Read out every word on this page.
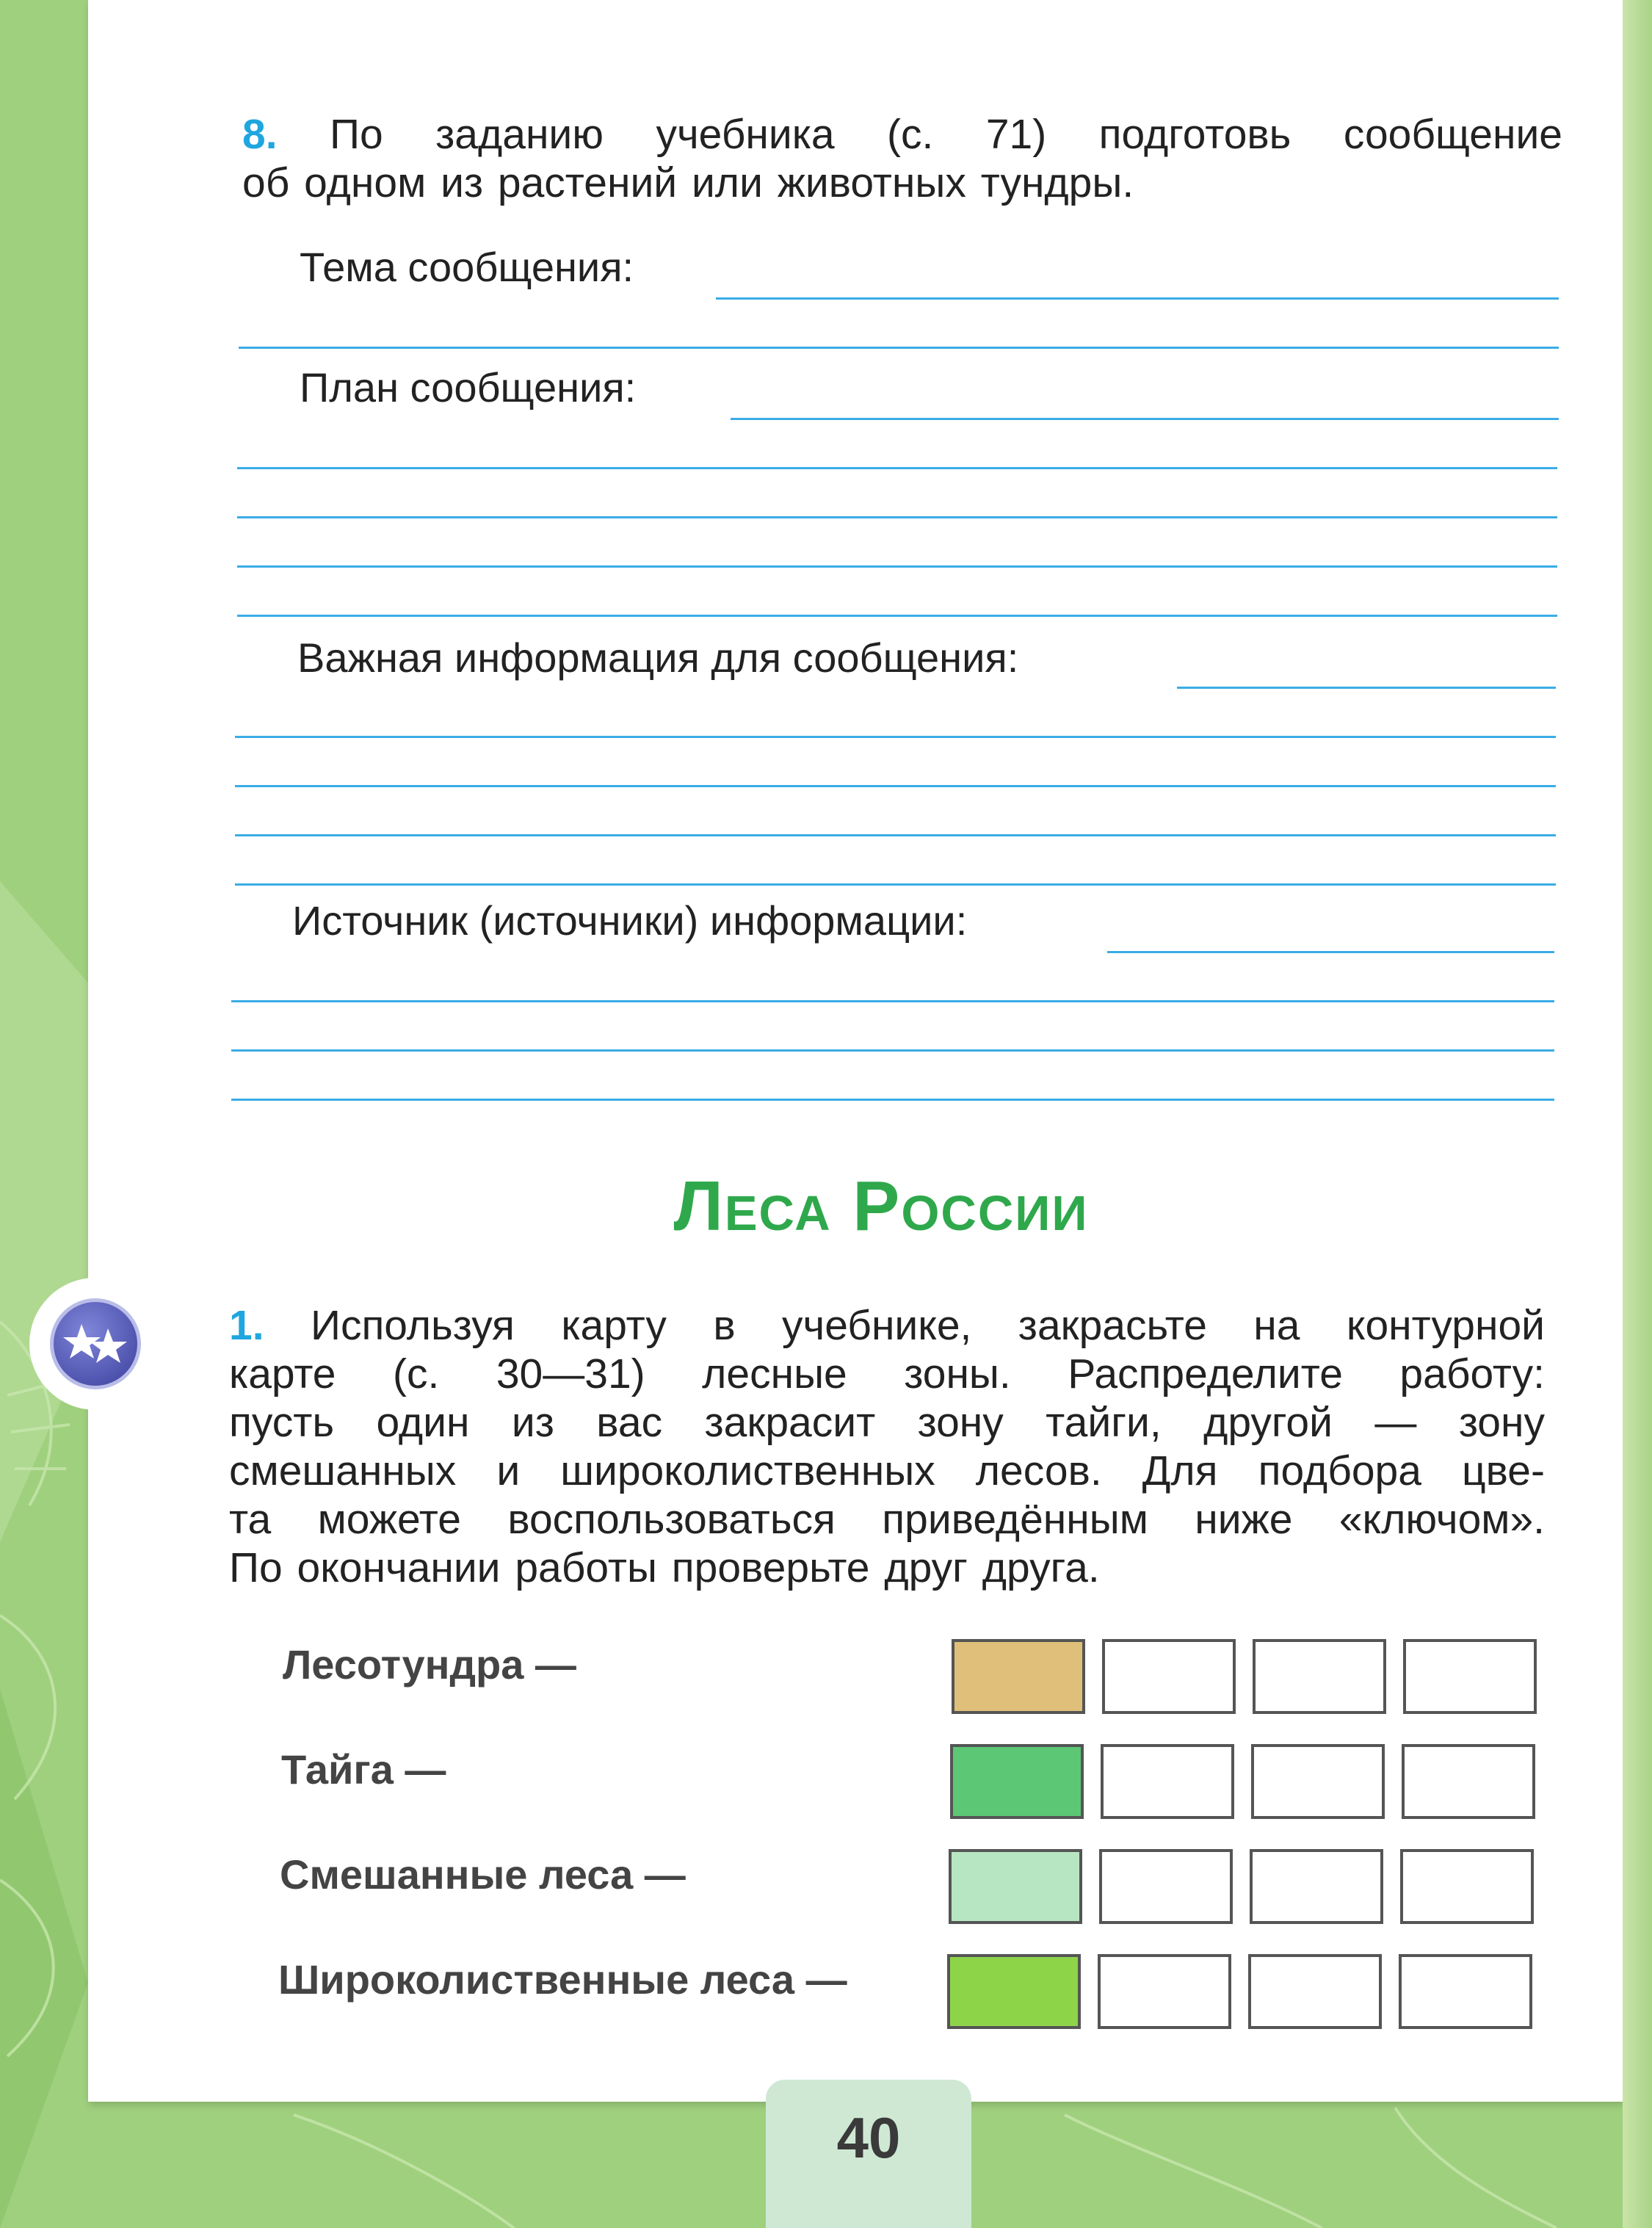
8. По заданию учебника (с. 71) подготовь сообщение
об одном из растений или животных тундры.
Тема сообщения:
План сообщения:
Важная информация для сообщения:
Источник (источники) информации:
Леса России
1. Используя карту в учебнике, закрасьте на контурной
карте (с. 30—31) лесные зоны. Распределите работу:
пусть один из вас закрасит зону тайги, другой — зону
смешанных и широколиственных лесов. Для подбора цве-
та можете воспользоваться приведённым ниже «ключом».
По окончании работы проверьте друг друга.
Лесотундра —
Тайга —
Смешанные леса —
Широколиственные леса —
40
